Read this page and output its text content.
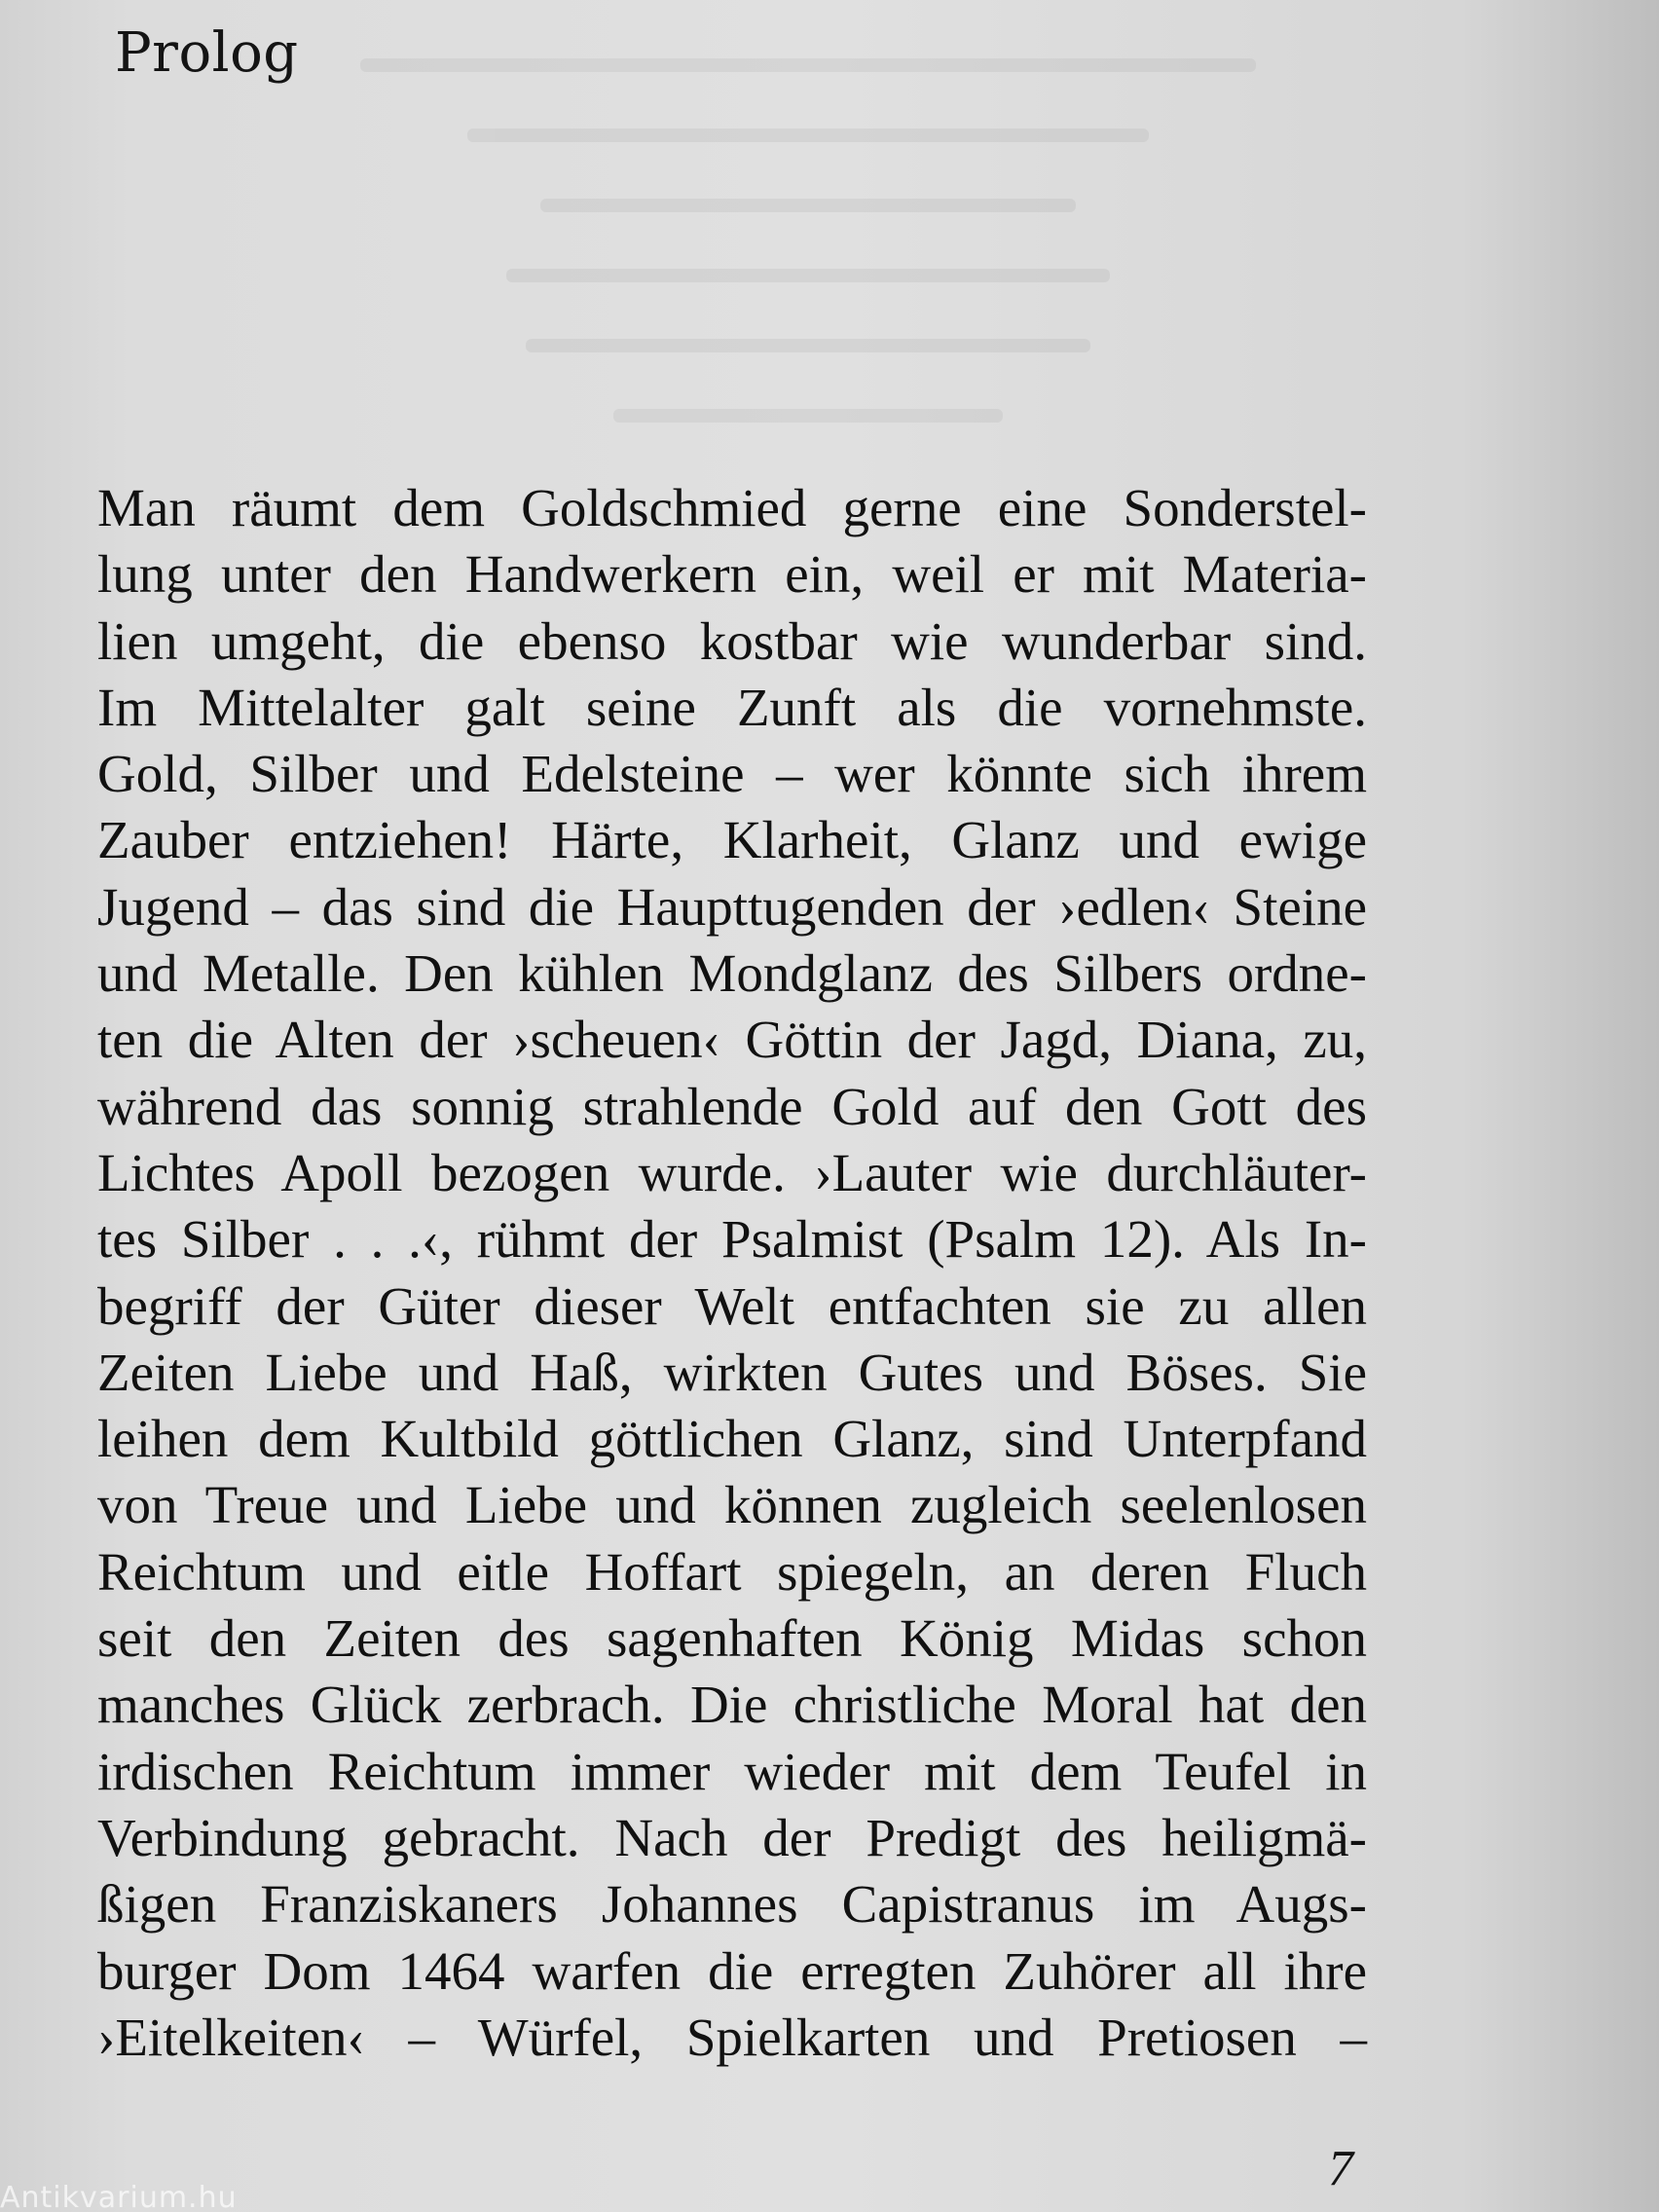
Prolog
Man räumt dem Goldschmied gerne eine Sonderstel-
lung unter den Handwerkern ein, weil er mit Materia-
lien umgeht, die ebenso kostbar wie wunderbar sind.
Im Mittelalter galt seine Zunft als die vornehmste.
Gold, Silber und Edelsteine – wer könnte sich ihrem
Zauber entziehen! Härte, Klarheit, Glanz und ewige
Jugend – das sind die Haupttugenden der ›edlen‹ Steine
und Metalle. Den kühlen Mondglanz des Silbers ordne-
ten die Alten der ›scheuen‹ Göttin der Jagd, Diana, zu,
während das sonnig strahlende Gold auf den Gott des
Lichtes Apoll bezogen wurde. ›Lauter wie durchläuter-
tes Silber . . .‹, rühmt der Psalmist (Psalm 12). Als In-
begriff der Güter dieser Welt entfachten sie zu allen
Zeiten Liebe und Haß, wirkten Gutes und Böses. Sie
leihen dem Kultbild göttlichen Glanz, sind Unterpfand
von Treue und Liebe und können zugleich seelenlosen
Reichtum und eitle Hoffart spiegeln, an deren Fluch
seit den Zeiten des sagenhaften König Midas schon
manches Glück zerbrach. Die christliche Moral hat den
irdischen Reichtum immer wieder mit dem Teufel in
Verbindung gebracht. Nach der Predigt des heiligmä-
ßigen Franziskaners Johannes Capistranus im Augs-
burger Dom 1464 warfen die erregten Zuhörer all ihre
›Eitelkeiten‹ – Würfel, Spielkarten und Pretiosen –
7
Antikvarium.hu
